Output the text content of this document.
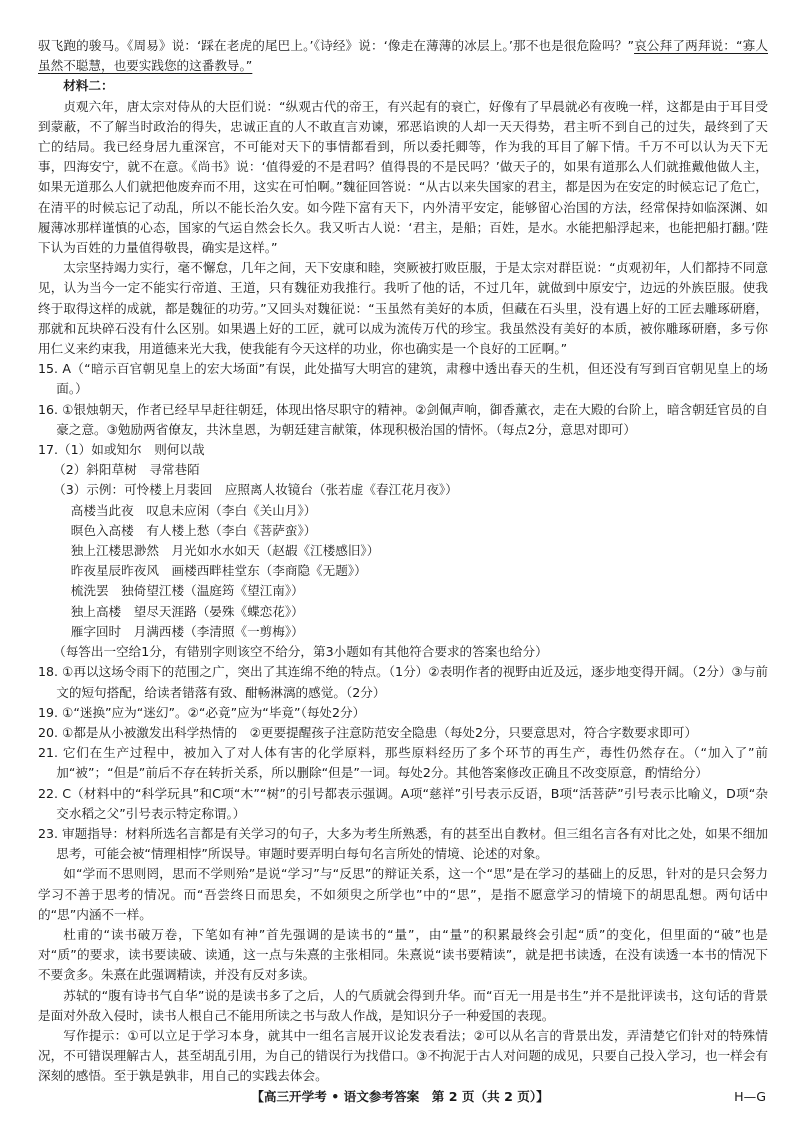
驭飞跑的骏马。《周易》说：‘踩在老虎的尾巴上。’《诗经》说：‘像走在薄薄的冰层上。’那不也是很危险吗？”哀公拜了两拜说：“寡人虽然不聪慧，也要实践您的这番教导。”

材料二：

贞观六年，唐太宗对侍从的大臣们说：“纵观古代的帝王，有兴起有的衰亡，好像有了早晨就必有夜晚一样，这都是由于耳目受到蒙蔽，不了解当时政治的得失，忠诚正直的人不敢直言劝谏，邪恶谄谀的人却一天天得势，君主听不到自己的过失，最终到了天亡的结局。我已经身居九重深宫，不可能对天下的事情都看到，所以委托卿等，作为我的耳目了解下情。千万不可以认为天下无事，四海安宁，就不在意。《尚书》说：‘值得爱的不是君吗？值得畏的不是民吗？’做天子的，如果有道那么人们就推戴他做人主，如果无道那么人们就把他废弃而不用，这实在可怕啊。”魏征回答说：“从古以来失国家的君主，都是因为在安定的时候忘记了危亡，在清平的时候忘记了动乱，所以不能长治久安。如今陛下富有天下，内外清平安定，能够留心治国的方法，经常保持如临深渊、如履薄冰那样谨慎的心态，国家的气运自然会长久。我又听古人说：‘君主，是船；百姓，是水。水能把船浮起来，也能把船打翻。’陛下认为百姓的力量值得敬畏，确实是这样。”

太宗坚持竭力实行，毫不懈怠，几年之间，天下安康和睦，突厥被打败臣服，于是太宗对群臣说：“贞观初年，人们都持不同意见，认为当今一定不能实行帝道、王道，只有魏征劝我推行。我听了他的话，不过几年，就做到中原安宁，边远的外族臣服。使我终于取得这样的成就，都是魏征的功劳。”又回头对魏征说：“玉虽然有美好的本质，但藏在石头里，没有遇上好的工匠去雕琢研磨，那就和瓦块碎石没有什么区别。如果遇上好的工匠，就可以成为流传万代的珍宝。我虽然没有美好的本质，被你雕琢研磨，多亏你用仁义来约束我，用道德来光大我，使我能有今天这样的功业，你也确实是一个良好的工匠啊。”

15. A（“暗示百官朝见皇上的宏大场面”有误，此处描写大明宫的建筑，肃穆中透出春天的生机，但还没有写到百官朝见皇上的场面。）

16. ①银烛朝天，作者已经早早赶往朝廷，体现出恪尽职守的精神。②剑佩声响，御香薰衣，走在大殿的台阶上，暗含朝廷官员的自豪之意。③勉励两省僚友，共沐皇恩，为朝廷建言献策，体现积极治国的情怀。（每点2分，意思对即可）

17.（1）如或知尔　则何以哉

（2）斜阳草树　寻常巷陌

（3）示例：可怜楼上月裴回　应照离人妆镜台（张若虚《春江花月夜》）

高楼当此夜　叹息未应闲（李白《关山月》）

暝色入高楼　有人楼上愁（李白《菩萨蛮》）

独上江楼思渺然　月光如水水如天（赵嘏《江楼感旧》）

昨夜星辰昨夜风　画楼西畔桂堂东（李商隐《无题》）

梳洗罢　独倚望江楼（温庭筠《望江南》）

独上高楼　望尽天涯路（晏殊《蝶恋花》）

雁字回时　月满西楼（李清照《一剪梅》）

（每答出一空给1分，有错别字则该空不给分，第3小题如有其他符合要求的答案也给分）

18. ①再以这场令雨下的范围之广，突出了其连绵不绝的特点。（1分）②表明作者的视野由近及远，逐步地变得开阔。（2分）③与前文的短句搭配，给读者错落有致、酣畅淋漓的感觉。（2分）

19. ①“迷换”应为“迷幻”。②“必竟”应为“毕竟”（每处2分）

20. ①都是从小被激发出科学热情的　②更要提醒孩子注意防范安全隐患（每处2分，只要意思对，符合字数要求即可）

21. 它们在生产过程中，被加入了对人体有害的化学原料，那些原料经历了多个环节的再生产，毒性仍然存在。（“加入了”前加“被”；“但是”前后不存在转折关系，所以删除“但是”一词。每处2分。其他答案修改正确且不改变原意，酌情给分）

22. C（材料中的“科学玩具”和C项“木”“树”的引号都表示强调。A项“慈祥”引号表示反语，B项“活菩萨”引号表示比喻义，D项“杂交水稻之父”引号表示特定称谓。）

23. 审题指导：材料所选名言都是有关学习的句子，大多为考生所熟悉，有的甚至出自教材。但三组名言各有对比之处，如果不细加思考，可能会被“情理相悖”所误导。审题时要弄明白每句名言所处的情境、论述的对象。

如“学而不思则罔，思而不学则殆”是说“学习”与“反思”的辩证关系，这一个“思”是在学习的基础上的反思，针对的是只会努力学习不善于思考的情况。而“吾尝终日而思矣，不如须臾之所学也”中的“思”，是指不愿意学习的情境下的胡思乱想。两句话中的“思”内涵不一样。

杜甫的“读书破万卷，下笔如有神”首先强调的是读书的“量”，由“量”的积累最终会引起“质”的变化，但里面的“破”也是对“质”的要求，读书要读破、读通，这一点与朱熹的主张相同。朱熹说“读书要精读”，就是把书读透，在没有读透一本书的情况下不要贪多。朱熹在此强调精读，并没有反对多读。

苏轼的“腹有诗书气自华”说的是读书多了之后，人的气质就会得到升华。而“百无一用是书生”并不是批评读书，这句话的背景是面对外敌入侵时，读书人根自己不能用所读之书与敌人作战，是知识分子一种爱国的表现。

写作提示：①可以立足于学习本身，就其中一组名言展开议论发表看法；②可以从名言的背景出发，弄清楚它们针对的特殊情况，不可错误理解古人，甚至胡乱引用，为自己的错误行为找借口。③不拘泥于古人对问题的成见，只要自己投入学习，也一样会有深刻的感悟。至于孰是孰非，用自己的实践去体会。

【高三开学考 • 语文参考答案　第 2 页（共 2 页）】	H—G
